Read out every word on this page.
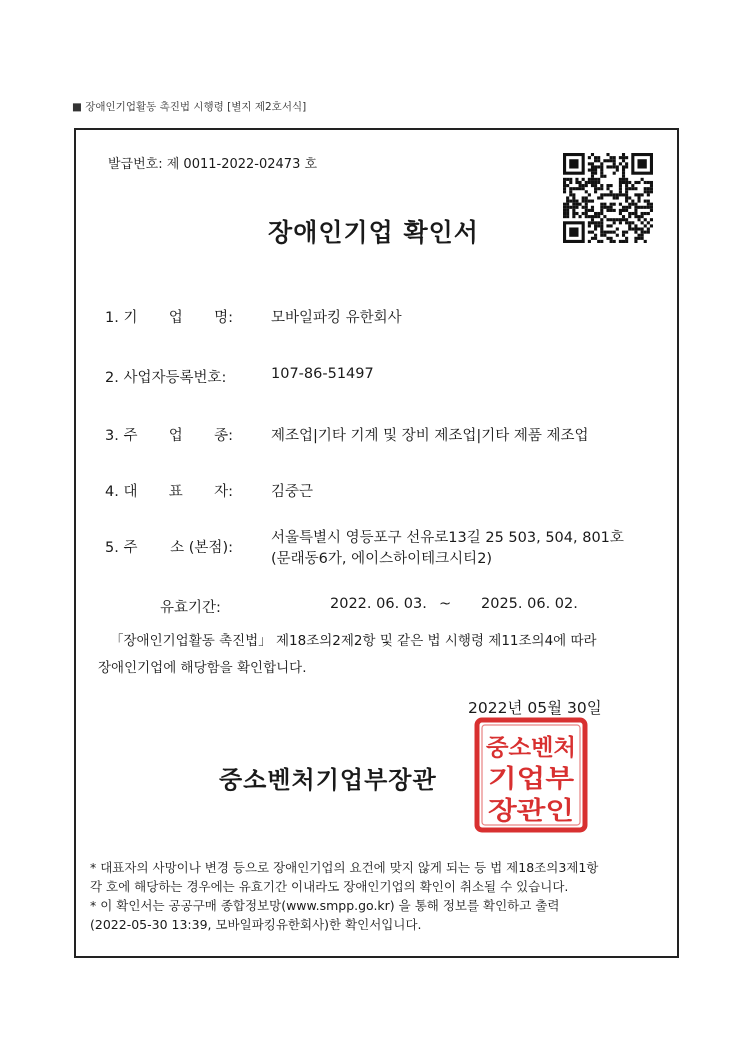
■ 장애인기업활동 촉진법 시행령 [별지 제2호서식]
발급번호: 제 0011-2022-02473 호
장애인기업 확인서
1. 기 업 명:	모바일파킹 유한회사
2. 사업자등록번호:	107-86-51497
3. 주 업 종:	제조업|기타 기계 및 장비 제조업|기타 제품 제조업
4. 대 표 자:	김중근
5. 주 소 (본점):
서울특별시 영등포구 선유로13길 25 503, 504, 801호
(문래동6가, 에이스하이테크시티2)
유효기간:	2022. 06. 03. ~ 2025. 06. 02.
「장애인기업활동 촉진법」 제18조의2제2항 및 같은 법 시행령 제11조의4에 따라
장애인기업에 해당함을 확인합니다.
2022년 05월 30일
중소벤처기업부장관
중소벤처
기업부
장관인
* 대표자의 사망이나 변경 등으로 장애인기업의 요건에 맞지 않게 되는 등 법 제18조의3제1항
각 호에 해당하는 경우에는 유효기간 이내라도 장애인기업의 확인이 취소될 수 있습니다.
* 이 확인서는 공공구매 종합정보망(www.smpp.go.kr) 을 통해 정보를 확인하고 출력
(2022-05-30 13:39, 모바일파킹유한회사)한 확인서입니다.
